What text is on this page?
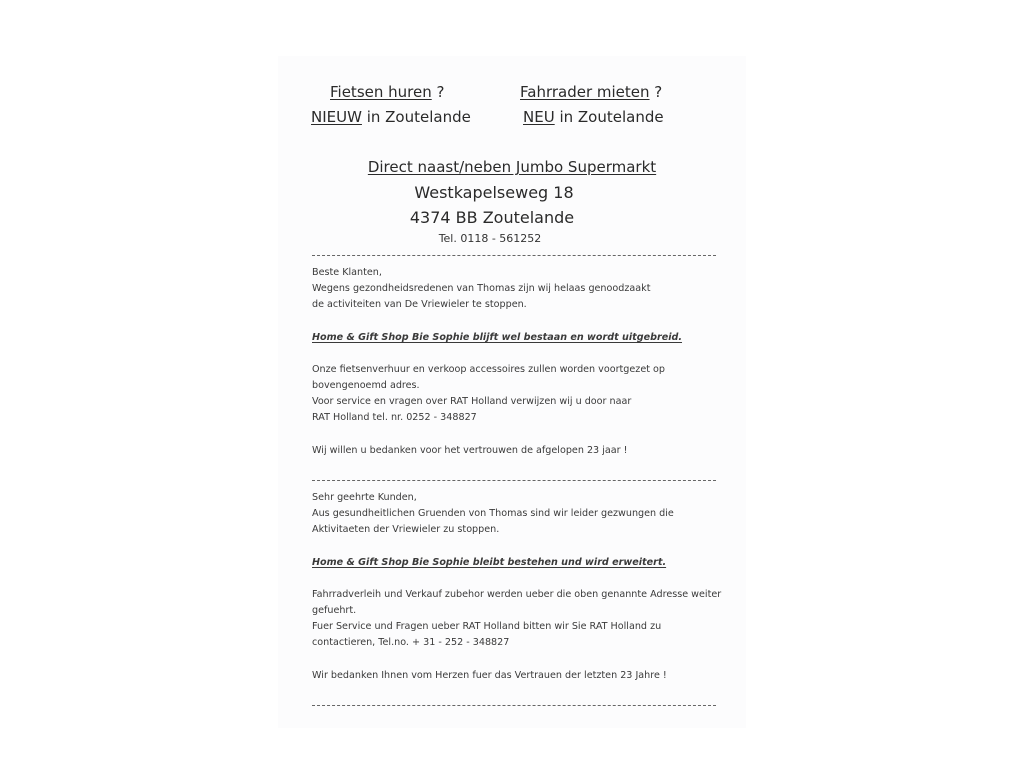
Fietsen huren ?	Fahrrader mieten ?
NIEUW in Zoutelande	NEU in Zoutelande
Direct naast/neben Jumbo Supermarkt
Westkapelseweg 18
4374 BB Zoutelande
Tel. 0118 - 561252

Beste Klanten,

Wegens gezondheidsredenen van Thomas zijn wij helaas genoodzaakt

de activiteiten van De Vriewieler te stoppen.

Home & Gift Shop Bie Sophie blijft wel bestaan en wordt uitgebreid.

Onze fietsenverhuur en verkoop accessoires zullen worden voortgezet op

bovengenoemd adres.

Voor service en vragen over RAT Holland verwijzen wij u door naar

RAT Holland tel. nr. 0252 - 348827

Wij willen u bedanken voor het vertrouwen de afgelopen 23 jaar !

Sehr geehrte Kunden,

Aus gesundheitlichen Gruenden von Thomas sind wir leider gezwungen die

Aktivitaeten der Vriewieler zu stoppen.

Home & Gift Shop Bie Sophie bleibt bestehen und wird erweitert.

Fahrradverleih und Verkauf zubehor werden ueber die oben genannte Adresse weiter

gefuehrt.

Fuer Service und Fragen ueber RAT Holland bitten wir Sie RAT Holland zu

contactieren, Tel.no. + 31 - 252 - 348827

Wir bedanken Ihnen vom Herzen fuer das Vertrauen der letzten 23 Jahre !
